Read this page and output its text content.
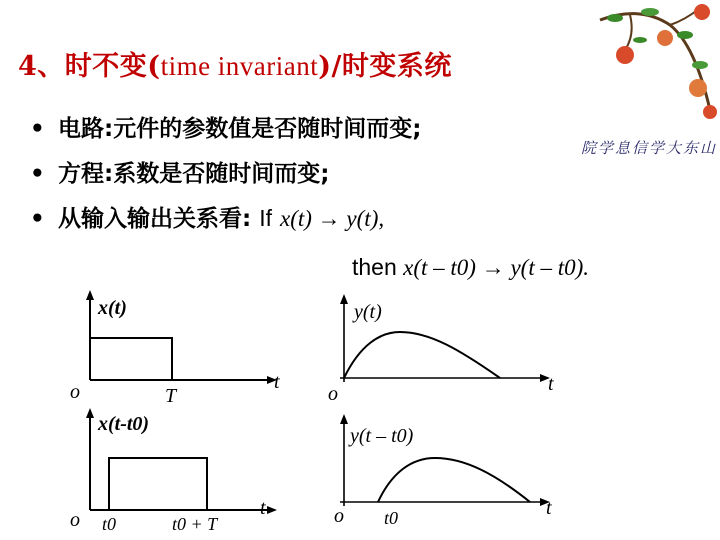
4、时不变(time invariant)/时变系统
山
东
大
学
信
息
学
院
• 电路:元件的参数值是否随时间而变;
• 方程:系数是否随时间而变;
• 从输入输出关系看: If x(t) → y(t),
then x(t – t0) → y(t – t0).
x(t)
o	T
t
y(t)
o	t
x(t-t0)
o t0	t0 + T
t
y(t – t0)
o t0	t
